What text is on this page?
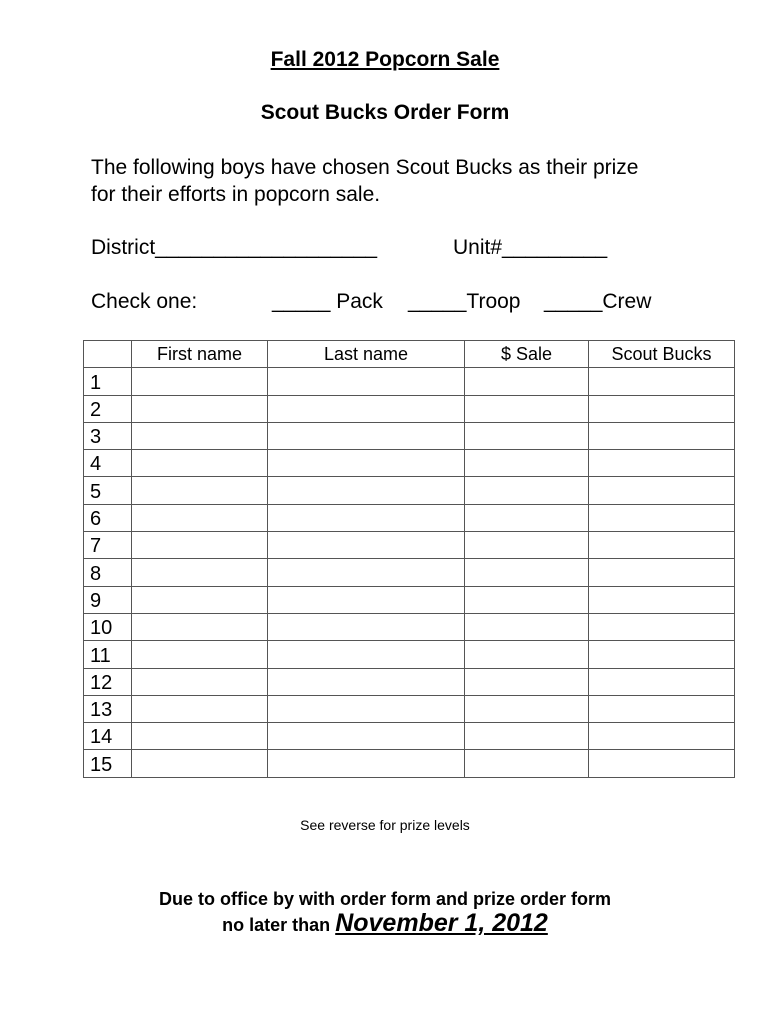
Fall 2012 Popcorn Sale
Scout Bucks Order Form
The following boys have chosen Scout Bucks as their prize for their efforts in popcorn sale.
District___________________	Unit#_________
Check one:	_____ Pack _____Troop _____Crew
	First name	Last name	$ Sale	Scout Bucks
1				
2				
3				
4				
5				
6				
7				
8				
9				
10				
11				
12				
13				
14				
15				
See reverse for prize levels
Due to office by with order form and prize order form
no later than November 1, 2012
